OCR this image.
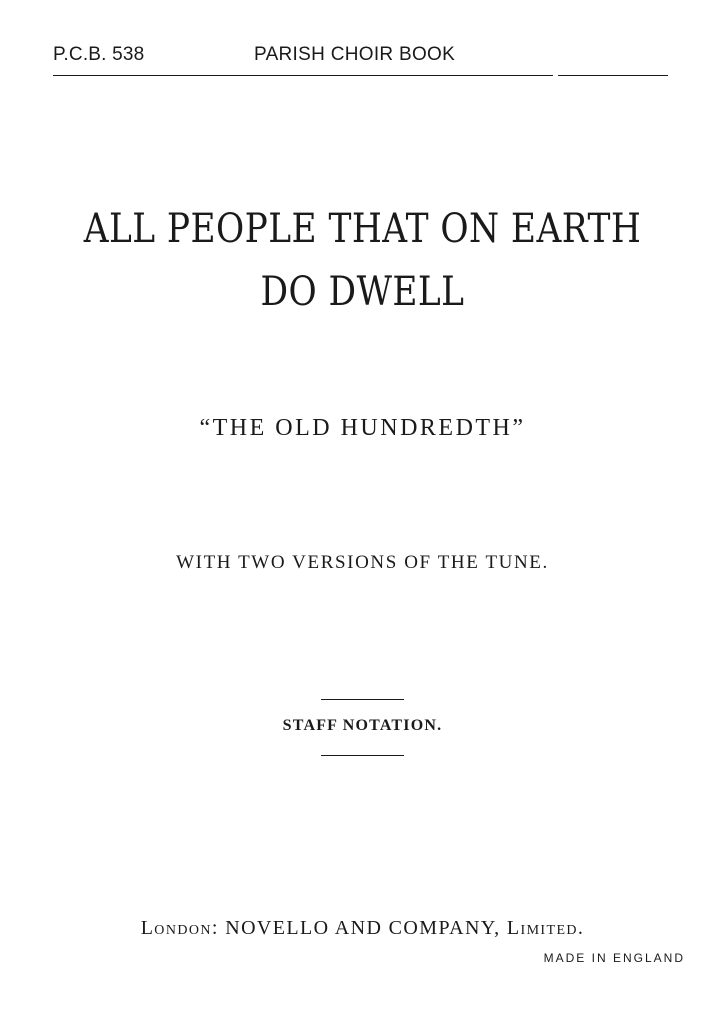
P.C.B. 538	PARISH CHOIR BOOK
ALL PEOPLE THAT ON EARTH DO DWELL
“THE OLD HUNDREDTH”
WITH TWO VERSIONS OF THE TUNE.
STAFF NOTATION.
London: NOVELLO AND COMPANY, Limited.
MADE IN ENGLAND
